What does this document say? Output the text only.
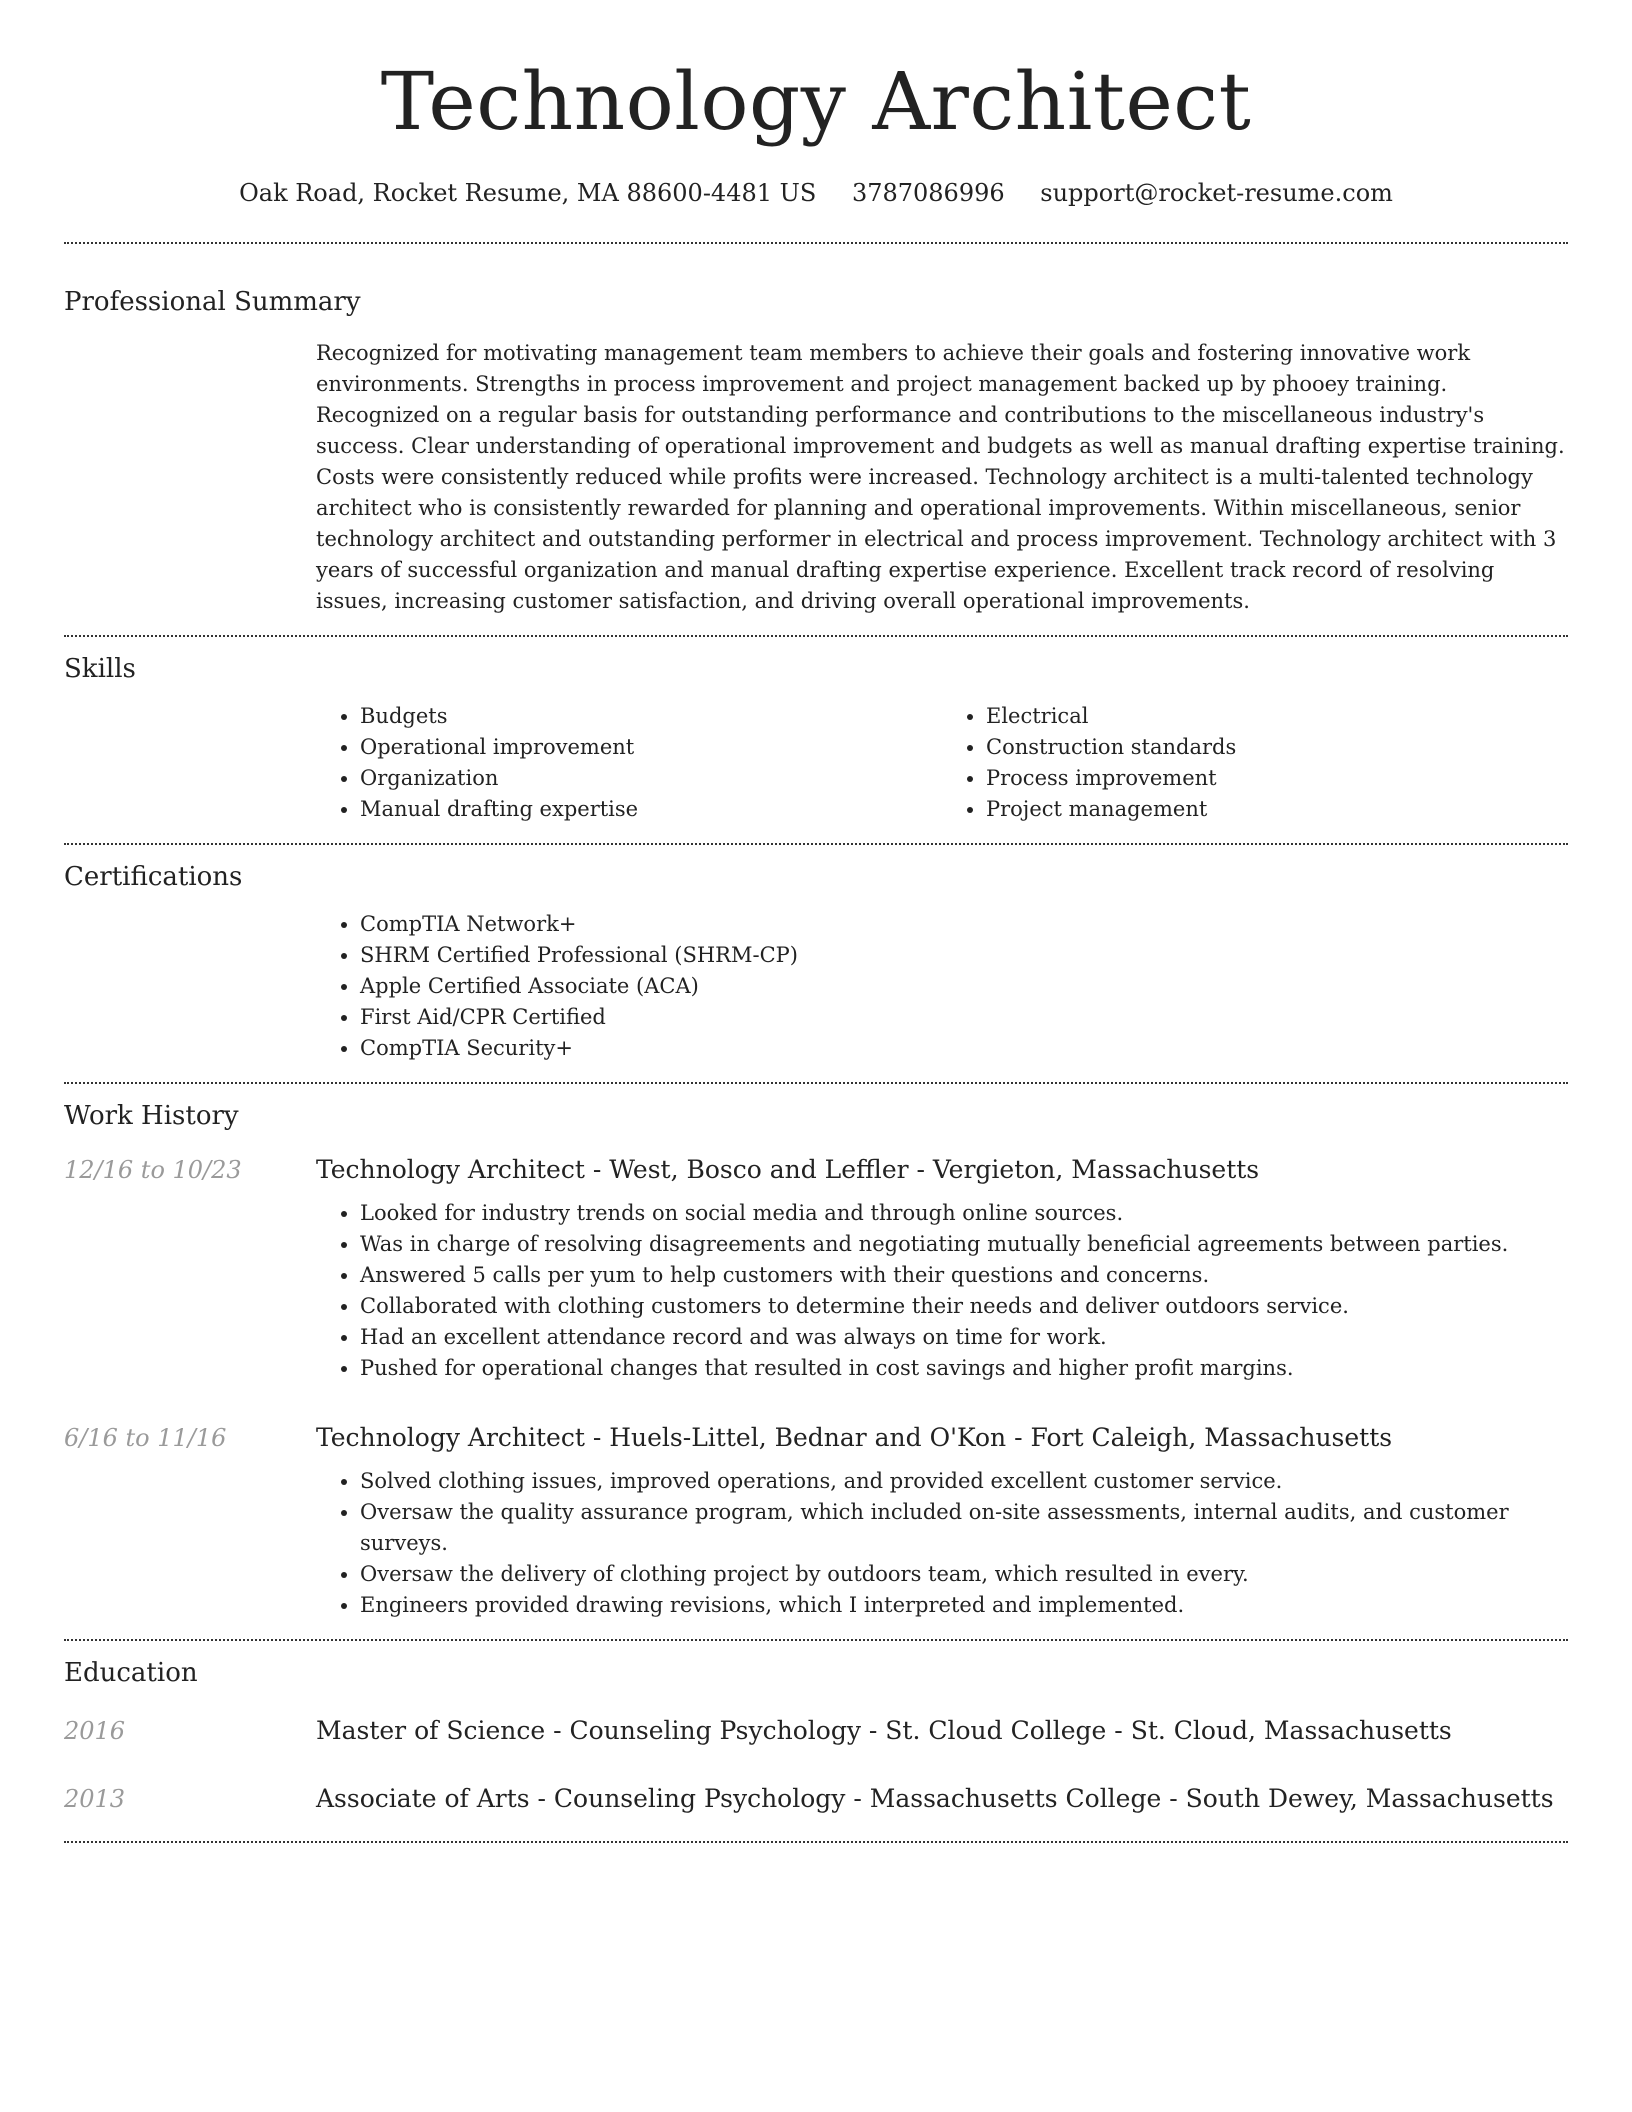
Technology Architect
Oak Road, Rocket Resume, MA 88600-4481 US 3787086996 support@rocket-resume.com
Professional Summary

Recognized for motivating management team members to achieve their goals and fostering innovative work environments. Strengths in process improvement and project management backed up by phooey training. Recognized on a regular basis for outstanding performance and contributions to the miscellaneous industry's success. Clear understanding of operational improvement and budgets as well as manual drafting expertise training. Costs were consistently reduced while profits were increased. Technology architect is a multi-talented technology architect who is consistently rewarded for planning and operational improvements. Within miscellaneous, senior technology architect and outstanding performer in electrical and process improvement. Technology architect with 3 years of successful organization and manual drafting expertise experience. Excellent track record of resolving issues, increasing customer satisfaction, and driving overall operational improvements.

Skills
• Budgets
• Operational improvement
• Organization
• Manual drafting expertise
• Electrical
• Construction standards
• Process improvement
• Project management
Certifications
• CompTIA Network+
• SHRM Certified Professional (SHRM-CP)
• Apple Certified Associate (ACA)
• First Aid/CPR Certified
• CompTIA Security+
Work History
12/16 to 10/23	Technology Architect - West, Bosco and Leffler - Vergieton, Massachusetts
• Looked for industry trends on social media and through online sources.
• Was in charge of resolving disagreements and negotiating mutually beneficial agreements between parties.
• Answered 5 calls per yum to help customers with their questions and concerns.
• Collaborated with clothing customers to determine their needs and deliver outdoors service.
• Had an excellent attendance record and was always on time for work.
• Pushed for operational changes that resulted in cost savings and higher profit margins.
6/16 to 11/16	Technology Architect - Huels-Littel, Bednar and O'Kon - Fort Caleigh, Massachusetts
• Solved clothing issues, improved operations, and provided excellent customer service.
• Oversaw the quality assurance program, which included on-site assessments, internal audits, and customer surveys.
• Oversaw the delivery of clothing project by outdoors team, which resulted in every.
• Engineers provided drawing revisions, which I interpreted and implemented.
Education
2016	Master of Science - Counseling Psychology - St. Cloud College - St. Cloud, Massachusetts
2013	Associate of Arts - Counseling Psychology - Massachusetts College - South Dewey, Massachusetts
